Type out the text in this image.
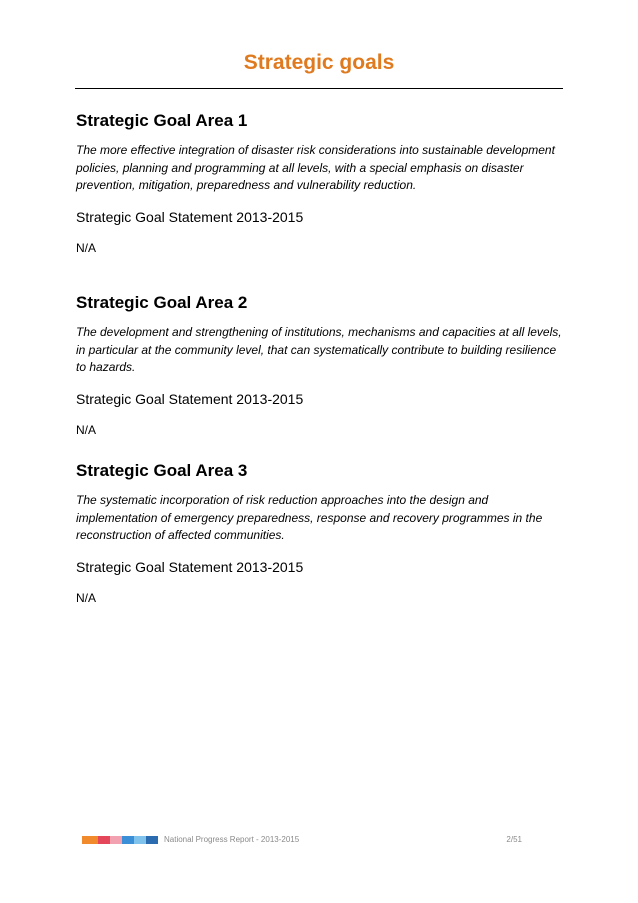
Strategic goals
Strategic Goal Area 1

The more effective integration of disaster risk considerations into sustainable development policies, planning and programming at all levels, with a special emphasis on disaster prevention, mitigation, preparedness and vulnerability reduction.

Strategic Goal Statement 2013-2015

N/A

Strategic Goal Area 2

The development and strengthening of institutions, mechanisms and capacities at all levels, in particular at the community level, that can systematically contribute to building resilience to hazards.

Strategic Goal Statement 2013-2015

N/A

Strategic Goal Area 3

The systematic incorporation of risk reduction approaches into the design and implementation of emergency preparedness, response and recovery programmes in the reconstruction of affected communities.

Strategic Goal Statement 2013-2015

N/A

National Progress Report - 2013-2015	2/51
